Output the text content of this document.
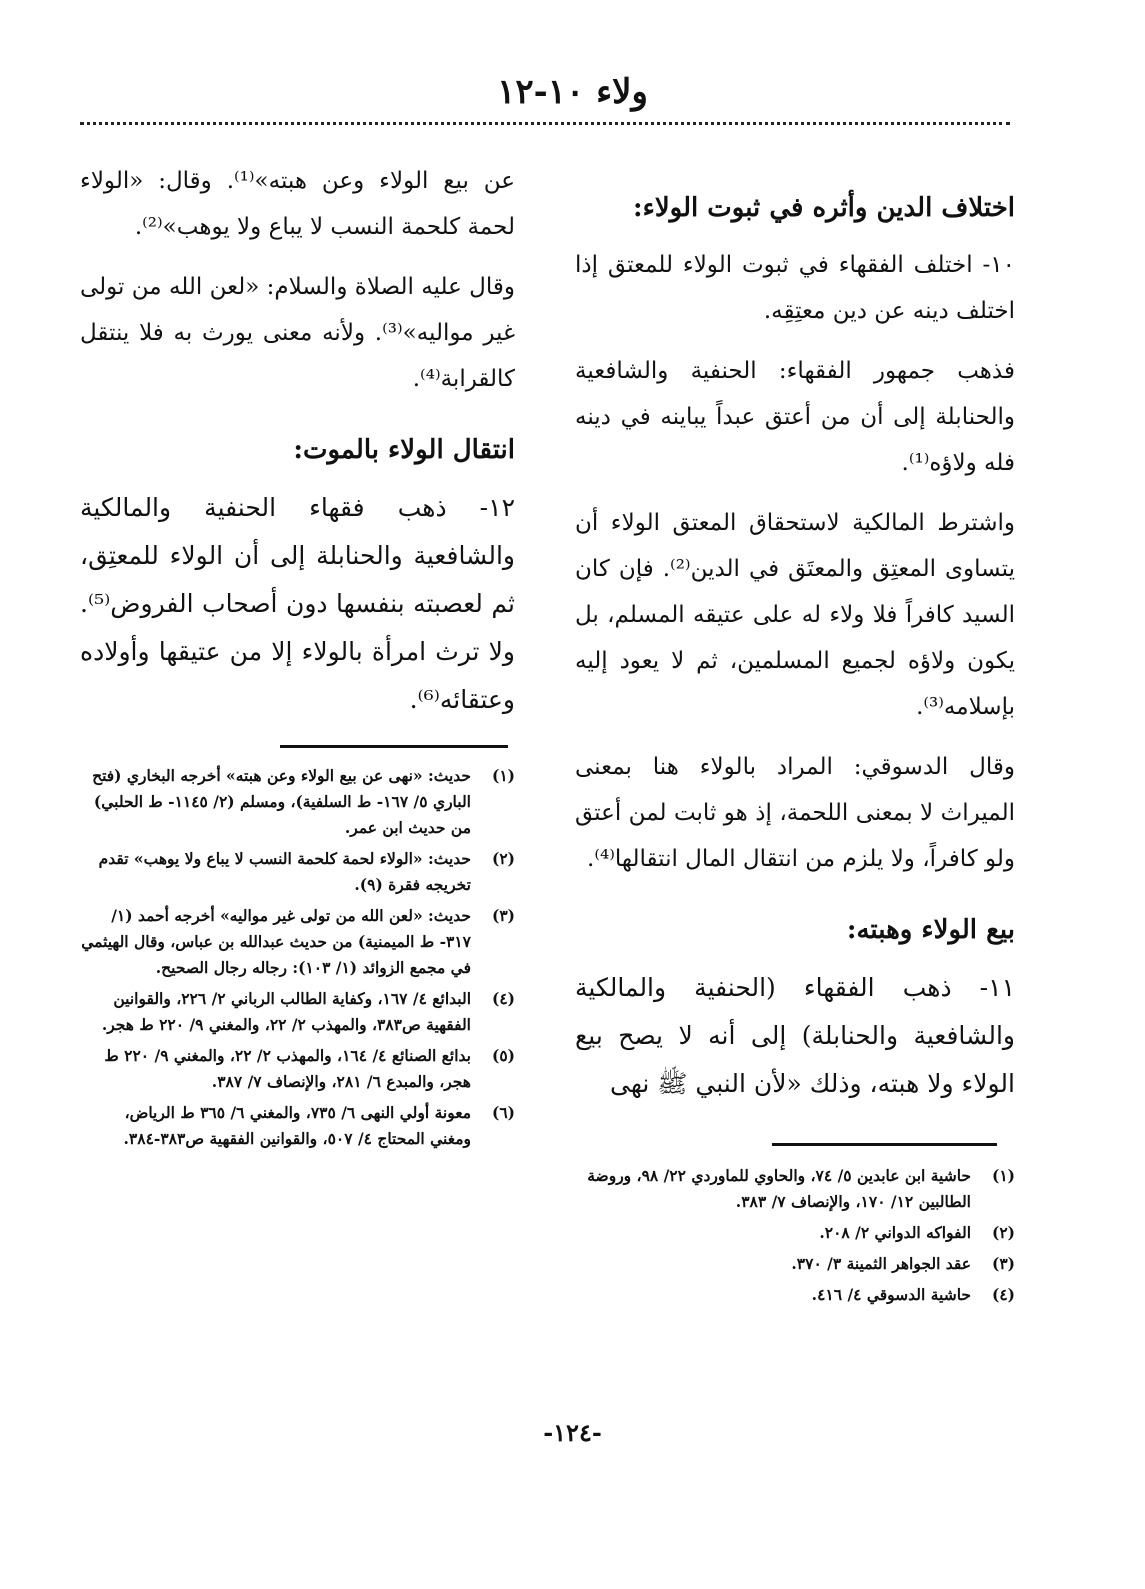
ولاء ١٠-١٢
اختلاف الدين وأثره في ثبوت الولاء:

١٠- اختلف الفقهاء في ثبوت الولاء للمعتق إذا اختلف دينه عن دين معتِقِه.

فذهب جمهور الفقهاء: الحنفية والشافعية والحنابلة إلى أن من أعتق عبداً يباينه في دينه فله ولاؤه⁽¹⁾.

واشترط المالكية لاستحقاق المعتق الولاء أن يتساوى المعتِق والمعتَق في الدين⁽²⁾. فإن كان السيد كافراً فلا ولاء له على عتيقه المسلم، بل يكون ولاؤه لجميع المسلمين، ثم لا يعود إليه بإسلامه⁽³⁾.

وقال الدسوقي: المراد بالولاء هنا بمعنى الميراث لا بمعنى اللحمة، إذ هو ثابت لمن أعتق ولو كافراً، ولا يلزم من انتقال المال انتقالها⁽⁴⁾.

بيع الولاء وهبته:

١١- ذهب الفقهاء (الحنفية والمالكية والشافعية والحنابلة) إلى أنه لا يصح بيع الولاء ولا هبته، وذلك «لأن النبي ﷺ نهى

عن بيع الولاء وعن هبته»⁽¹⁾. وقال: «الولاء لحمة كلحمة النسب لا يباع ولا يوهب»⁽²⁾.

وقال عليه الصلاة والسلام: «لعن الله من تولى غير مواليه»⁽³⁾. ولأنه معنى يورث به فلا ينتقل كالقرابة⁽⁴⁾.

انتقال الولاء بالموت:

١٢- ذهب فقهاء الحنفية والمالكية والشافعية والحنابلة إلى أن الولاء للمعتِق، ثم لعصبته بنفسها دون أصحاب الفروض⁽⁵⁾. ولا ترث امرأة بالولاء إلا من عتيقها وأولاده وعتقائه⁽⁶⁾.

(١)
حاشية ابن عابدين ٥/ ٧٤، والحاوي للماوردي ٢٢/ ٩٨، وروضة الطالبين ١٢/ ١٧٠، والإنصاف ٧/ ٣٨٣.
(٢)
الفواكه الدواني ٢/ ٢٠٨.
(٣)
عقد الجواهر الثمينة ٣/ ٣٧٠.
(٤)
حاشية الدسوقي ٤/ ٤١٦.
(١)
حديث: «نهى عن بيع الولاء وعن هبته» أخرجه البخاري (فتح الباري ٥/ ١٦٧- ط السلفية)، ومسلم (٢/ ١١٤٥- ط الحلبي) من حديث ابن عمر.
(٢)
حديث: «الولاء لحمة كلحمة النسب لا يباع ولا يوهب» تقدم تخريجه فقرة (٩).
(٣)
حديث: «لعن الله من تولى غير مواليه» أخرجه أحمد (١/ ٣١٧- ط الميمنية) من حديث عبدالله بن عباس، وقال الهيثمي في مجمع الزوائد (١/ ١٠٣): رجاله رجال الصحيح.
(٤)
البدائع ٤/ ١٦٧، وكفاية الطالب الرباني ٢/ ٢٢٦، والقوانين الفقهية ص٣٨٣، والمهذب ٢/ ٢٢، والمغني ٩/ ٢٢٠ ط هجر.
(٥)
بدائع الصنائع ٤/ ١٦٤، والمهذب ٢/ ٢٢، والمغني ٩/ ٢٢٠ ط هجر، والمبدع ٦/ ٢٨١، والإنصاف ٧/ ٣٨٧.
(٦)
معونة أولي النهى ٦/ ٧٣٥، والمغني ٦/ ٣٦٥ ط الرياض، ومغني المحتاج ٤/ ٥٠٧، والقوانين الفقهية ص٣٨٣-٣٨٤.
-١٢٤-
